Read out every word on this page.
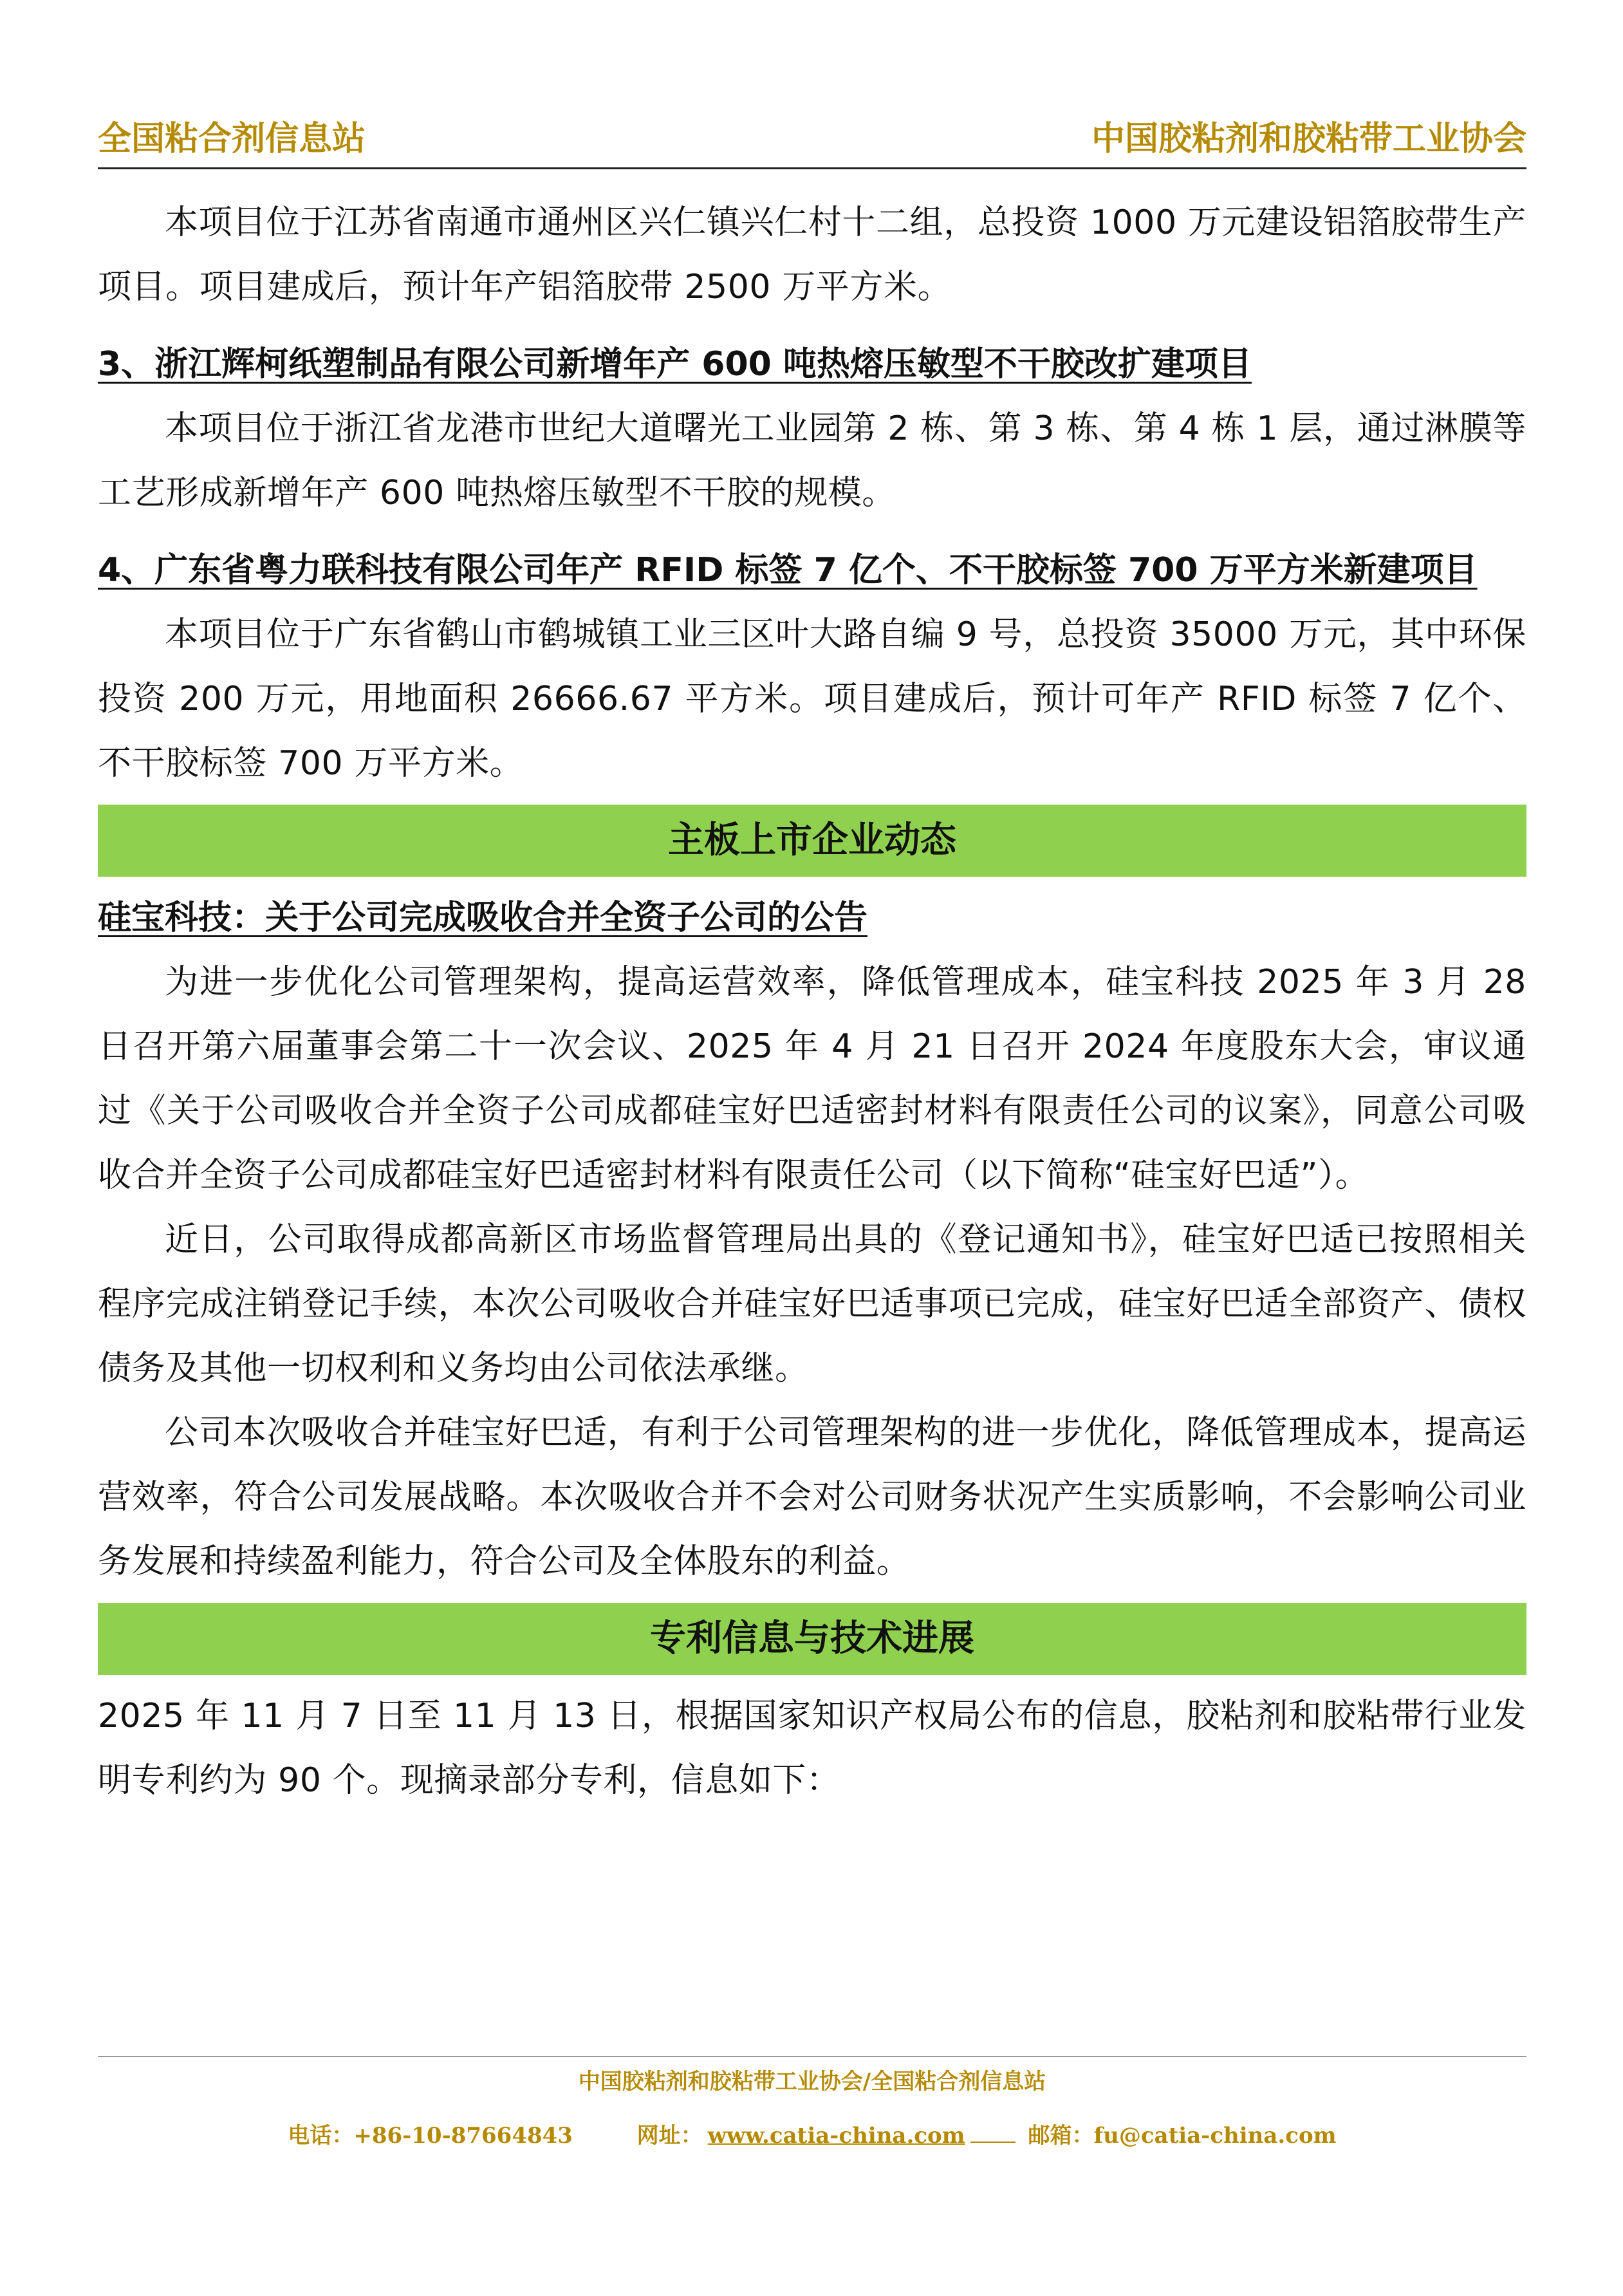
全国粘合剂信息站	中国胶粘剂和胶粘带工业协会

本项目位于江苏省南通市通州区兴仁镇兴仁村十二组，总投资 1000 万元建设铝箔胶带生产项目。项目建成后，预计年产铝箔胶带 2500 万平方米。

3、浙江辉柯纸塑制品有限公司新增年产 600 吨热熔压敏型不干胶改扩建项目

本项目位于浙江省龙港市世纪大道曙光工业园第 2 栋、第 3 栋、第 4 栋 1 层，通过淋膜等工艺形成新增年产 600 吨热熔压敏型不干胶的规模。

4、广东省粤力联科技有限公司年产 RFID 标签 7 亿个、不干胶标签 700 万平方米新建项目

本项目位于广东省鹤山市鹤城镇工业三区叶大路自编 9 号，总投资 35000 万元，其中环保投资 200 万元，用地面积 26666.67 平方米。项目建成后，预计可年产 RFID 标签 7 亿个、不干胶标签 700 万平方米。

主板上市企业动态

硅宝科技：关于公司完成吸收合并全资子公司的公告

为进一步优化公司管理架构，提高运营效率，降低管理成本，硅宝科技 2025 年 3 月 28 日召开第六届董事会第二十一次会议、2025 年 4 月 21 日召开 2024 年度股东大会，审议通过《关于公司吸收合并全资子公司成都硅宝好巴适密封材料有限责任公司的议案》，同意公司吸收合并全资子公司成都硅宝好巴适密封材料有限责任公司（以下简称“硅宝好巴适”）。

近日，公司取得成都高新区市场监督管理局出具的《登记通知书》，硅宝好巴适已按照相关程序完成注销登记手续，本次公司吸收合并硅宝好巴适事项已完成，硅宝好巴适全部资产、债权债务及其他一切权利和义务均由公司依法承继。

公司本次吸收合并硅宝好巴适，有利于公司管理架构的进一步优化，降低管理成本，提高运营效率，符合公司发展战略。本次吸收合并不会对公司财务状况产生实质影响，不会影响公司业务发展和持续盈利能力，符合公司及全体股东的利益。

专利信息与技术进展

2025 年 11 月 7 日至 11 月 13 日，根据国家知识产权局公布的信息，胶粘剂和胶粘带行业发明专利约为 90 个。现摘录部分专利，信息如下：

中国胶粘剂和胶粘带工业协会/全国粘合剂信息站
电话：+86-10-87664843	网址： www.catia-china.com	邮箱：fu@catia-china.com
